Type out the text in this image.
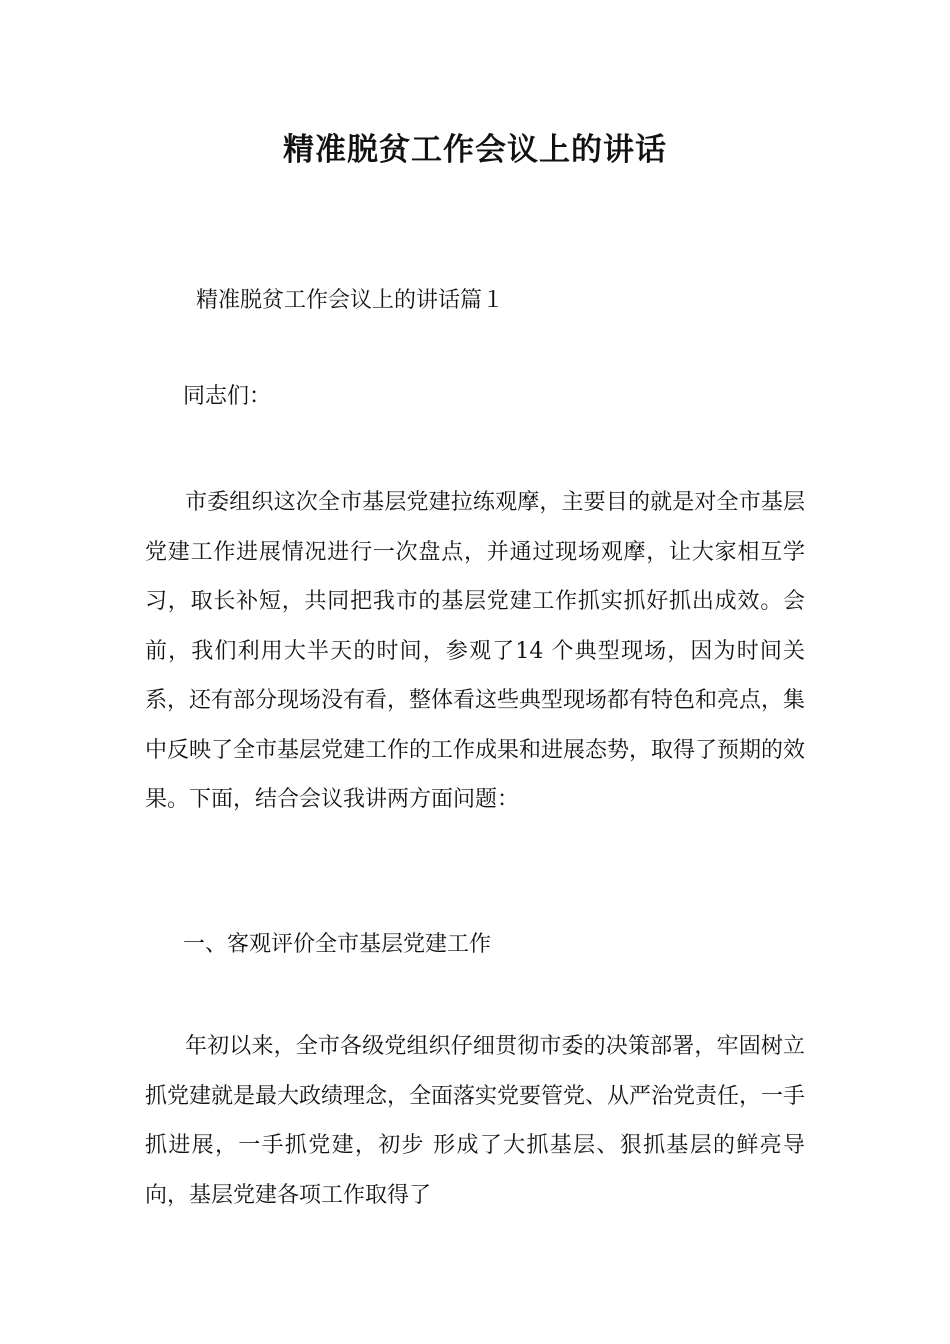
精准脱贫工作会议上的讲话
精准脱贫工作会议上的讲话篇１
同志们：
市委组织这次全市基层党建拉练观摩，主要目的就是对全市基层党建工作进展情况进行一次盘点，并通过现场观摩，让大家相互学习，取长补短，共同把我市的基层党建工作抓实抓好抓出成效。会前，我们利用大半天的时间，参观了14 个典型现场，因为时间关系，还有部分现场没有看，整体看这些典型现场都有特色和亮点，集中反映了全市基层党建工作的工作成果和进展态势，取得了预期的效果。下面，结合会议我讲两方面问题：
一、客观评价全市基层党建工作
年初以来，全市各级党组织仔细贯彻市委的决策部署，牢固树立抓党建就是最大政绩理念，全面落实党要管党、从严治党责任，一手抓进展，一手抓党建，初步 形成了大抓基层、狠抓基层的鲜亮导向，基层党建各项工作取得了
